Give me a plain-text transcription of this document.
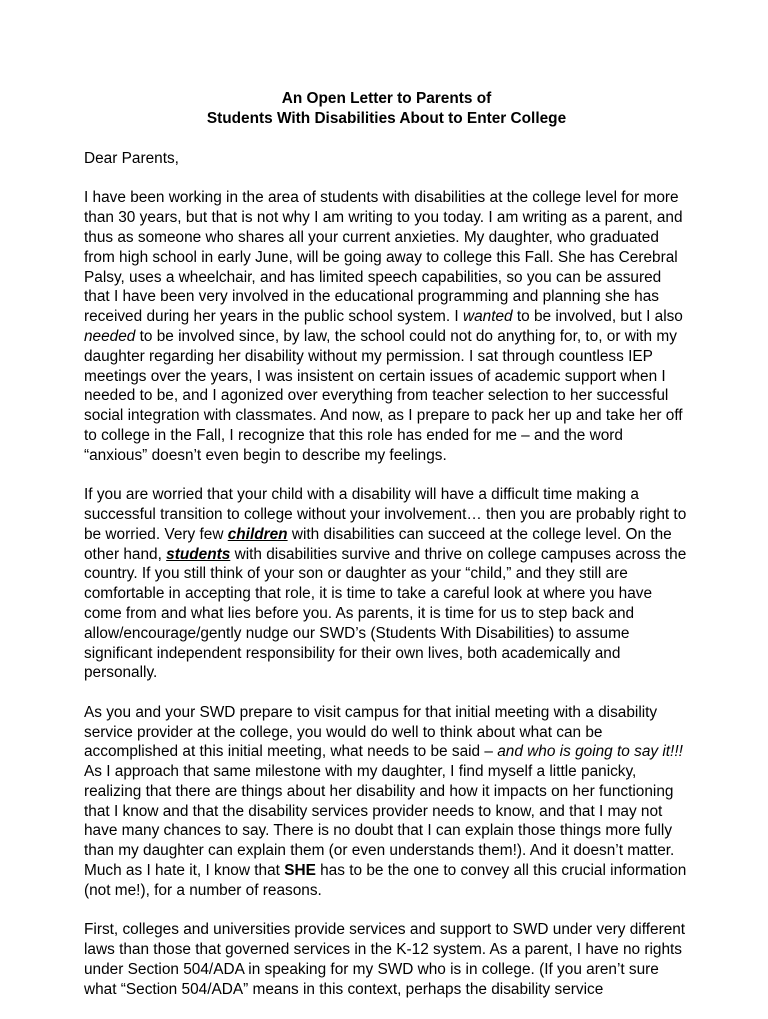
An Open Letter to Parents of
Students With Disabilities About to Enter College
Dear Parents,

I have been working in the area of students with disabilities at the college level for more than 30 years, but that is not why I am writing to you today. I am writing as a parent, and thus as someone who shares all your current anxieties. My daughter, who graduated from high school in early June, will be going away to college this Fall. She has Cerebral Palsy, uses a wheelchair, and has limited speech capabilities, so you can be assured that I have been very involved in the educational programming and planning she has received during her years in the public school system. I wanted to be involved, but I also needed to be involved since, by law, the school could not do anything for, to, or with my daughter regarding her disability without my permission. I sat through countless IEP meetings over the years, I was insistent on certain issues of academic support when I needed to be, and I agonized over everything from teacher selection to her successful social integration with classmates. And now, as I prepare to pack her up and take her off to college in the Fall, I recognize that this role has ended for me – and the word “anxious” doesn’t even begin to describe my feelings.

If you are worried that your child with a disability will have a difficult time making a successful transition to college without your involvement… then you are probably right to be worried. Very few children with disabilities can succeed at the college level. On the other hand, students with disabilities survive and thrive on college campuses across the country. If you still think of your son or daughter as your “child,” and they still are comfortable in accepting that role, it is time to take a careful look at where you have come from and what lies before you. As parents, it is time for us to step back and allow/encourage/gently nudge our SWD’s (Students With Disabilities) to assume significant independent responsibility for their own lives, both academically and personally.

As you and your SWD prepare to visit campus for that initial meeting with a disability service provider at the college, you would do well to think about what can be accomplished at this initial meeting, what needs to be said – and who is going to say it!!! As I approach that same milestone with my daughter, I find myself a little panicky, realizing that there are things about her disability and how it impacts on her functioning that I know and that the disability services provider needs to know, and that I may not have many chances to say. There is no doubt that I can explain those things more fully than my daughter can explain them (or even understands them!). And it doesn’t matter. Much as I hate it, I know that SHE has to be the one to convey all this crucial information (not me!), for a number of reasons.

First, colleges and universities provide services and support to SWD under very different laws than those that governed services in the K-12 system. As a parent, I have no rights under Section 504/ADA in speaking for my SWD who is in college. (If you aren’t sure what “Section 504/ADA” means in this context, perhaps the disability service
